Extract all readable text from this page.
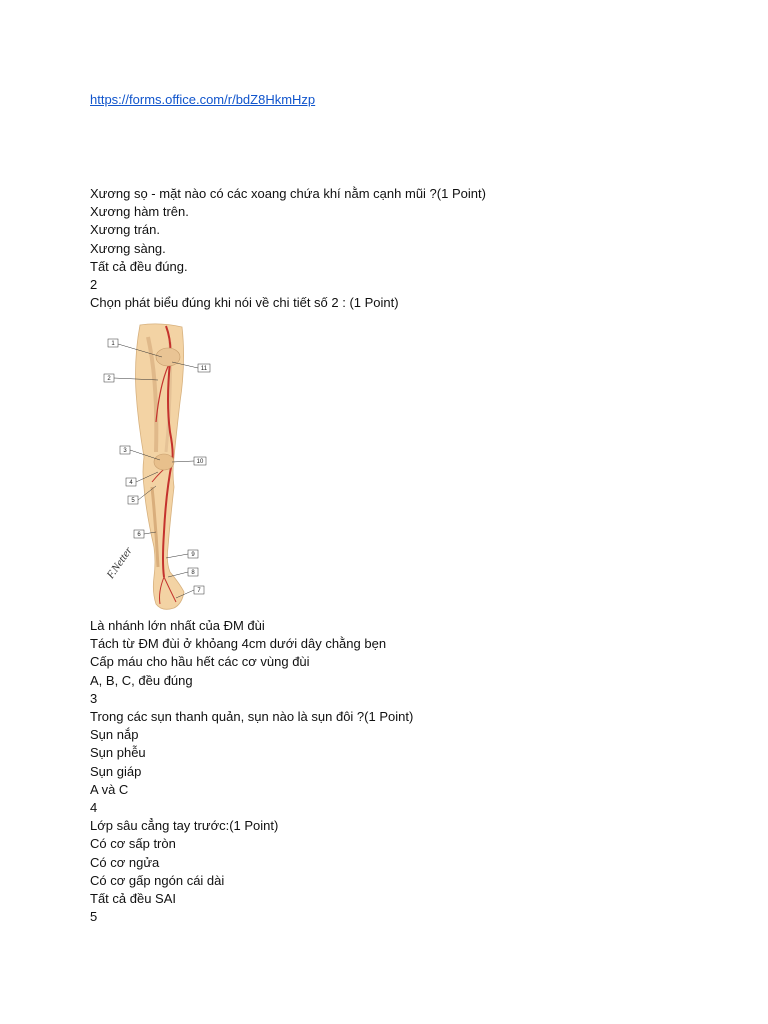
https://forms.office.com/r/bdZ8HkmHzp
Xương sọ - mặt nào có các xoang chứa khí nằm cạnh mũi ?(1 Point)
Xương hàm trên.
Xương trán.
Xương sàng.
Tất cả đều đúng.
2
Chọn phát biểu đúng khi nói về chi tiết số 2 : (1 Point)
1
11
2
3
10
4
5
6
9
8
7
F.Netter
Là nhánh lớn nhất của ĐM đùi
Tách từ ĐM đùi ở khỏang 4cm dưới dây chằng bẹn
Cấp máu cho hầu hết các cơ vùng đùi
A, B, C, đều đúng
3
Trong các sụn thanh quản, sụn nào là sụn đôi ?(1 Point)
Sụn nắp
Sụn phễu
Sụn giáp
A và C
4
Lớp sâu cẳng tay trước:(1 Point)
Có cơ sấp tròn
Có cơ ngửa
Có cơ gấp ngón cái dài
Tất cả đều SAI
5
